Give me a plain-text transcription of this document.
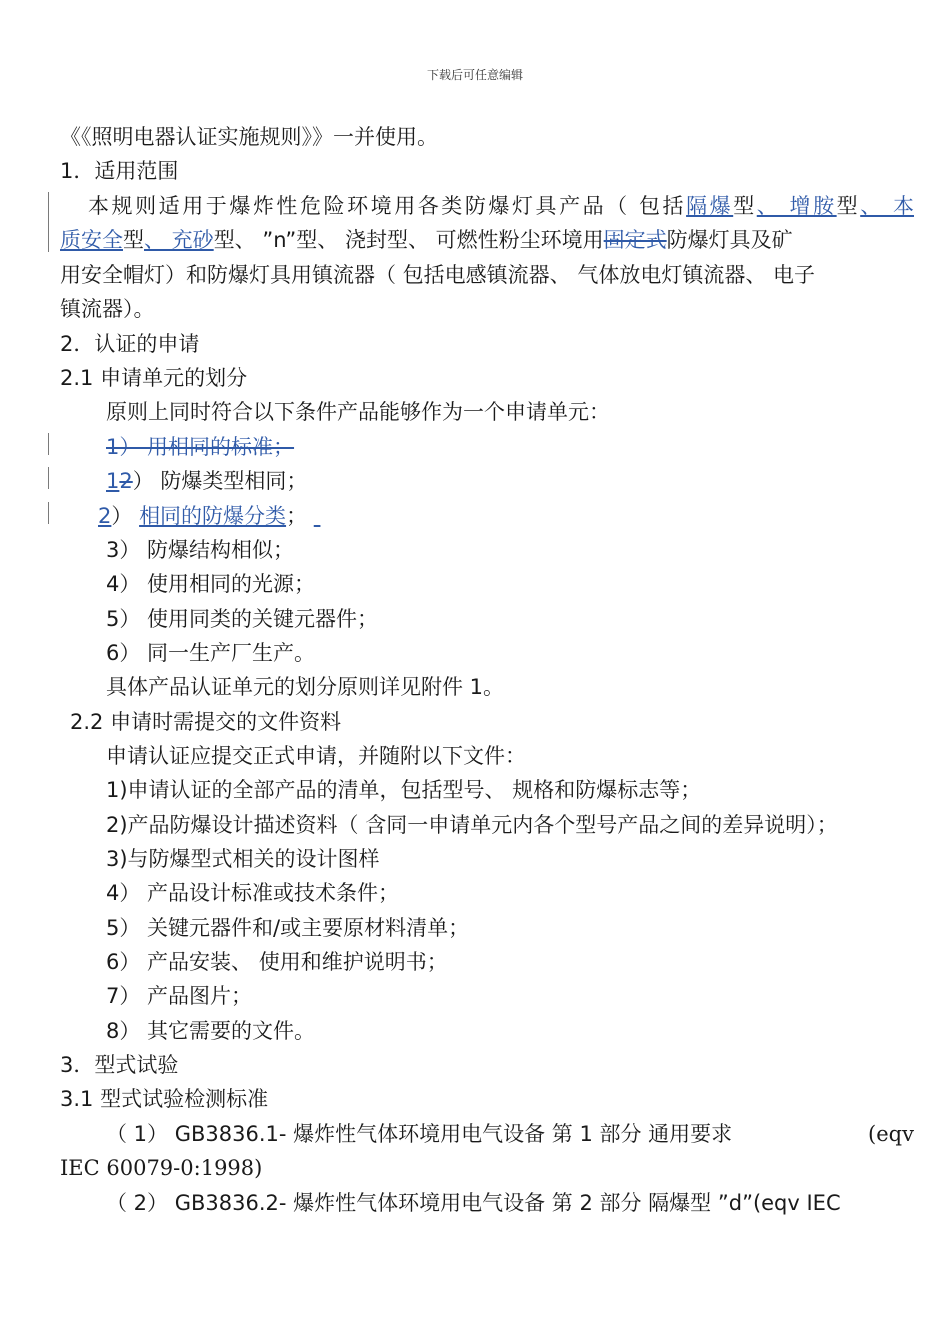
下载后可任意编辑
《《照明电器认证实施规则》》一并使用。
1．适用范围
本规则适用于爆炸性危险环境用各类防爆灯具产品（ 包括隔爆型、 增胺型、 本
质安全型、 充砂型、 ”n”型、 浇封型、 可燃性粉尘环境用固定式防爆灯具及矿
用安全帽灯）和防爆灯具用镇流器（ 包括电感镇流器、 气体放电灯镇流器、 电子
镇流器）。
2．认证的申请
2.1 申请单元的划分
原则上同时符合以下条件产品能够作为一个申请单元：
1） 用相同的标准；
12） 防爆类型相同；
2） 相同的防爆分类；
3） 防爆结构相似；
4） 使用相同的光源；
5） 使用同类的关键元器件；
6） 同一生产厂生产。
具体产品认证单元的划分原则详见附件 1。
2.2 申请时需提交的文件资料
申请认证应提交正式申请，并随附以下文件：
1)申请认证的全部产品的清单，包括型号、 规格和防爆标志等；
2)产品防爆设计描述资料（ 含同一申请单元内各个型号产品之间的差异说明）；
3)与防爆型式相关的设计图样
4） 产品设计标准或技术条件；
5） 关键元器件和/或主要原材料清单；
6） 产品安装、 使用和维护说明书；
7） 产品图片；
8） 其它需要的文件。
3．型式试验
3.1 型式试验检测标准
（ 1） GB3836.1- 爆炸性气体环境用电气设备 第 1 部分 通用要求	(eqv
IEC 60079-0:1998)
（ 2） GB3836.2- 爆炸性气体环境用电气设备 第 2 部分 隔爆型 ”d”(eqv IEC
